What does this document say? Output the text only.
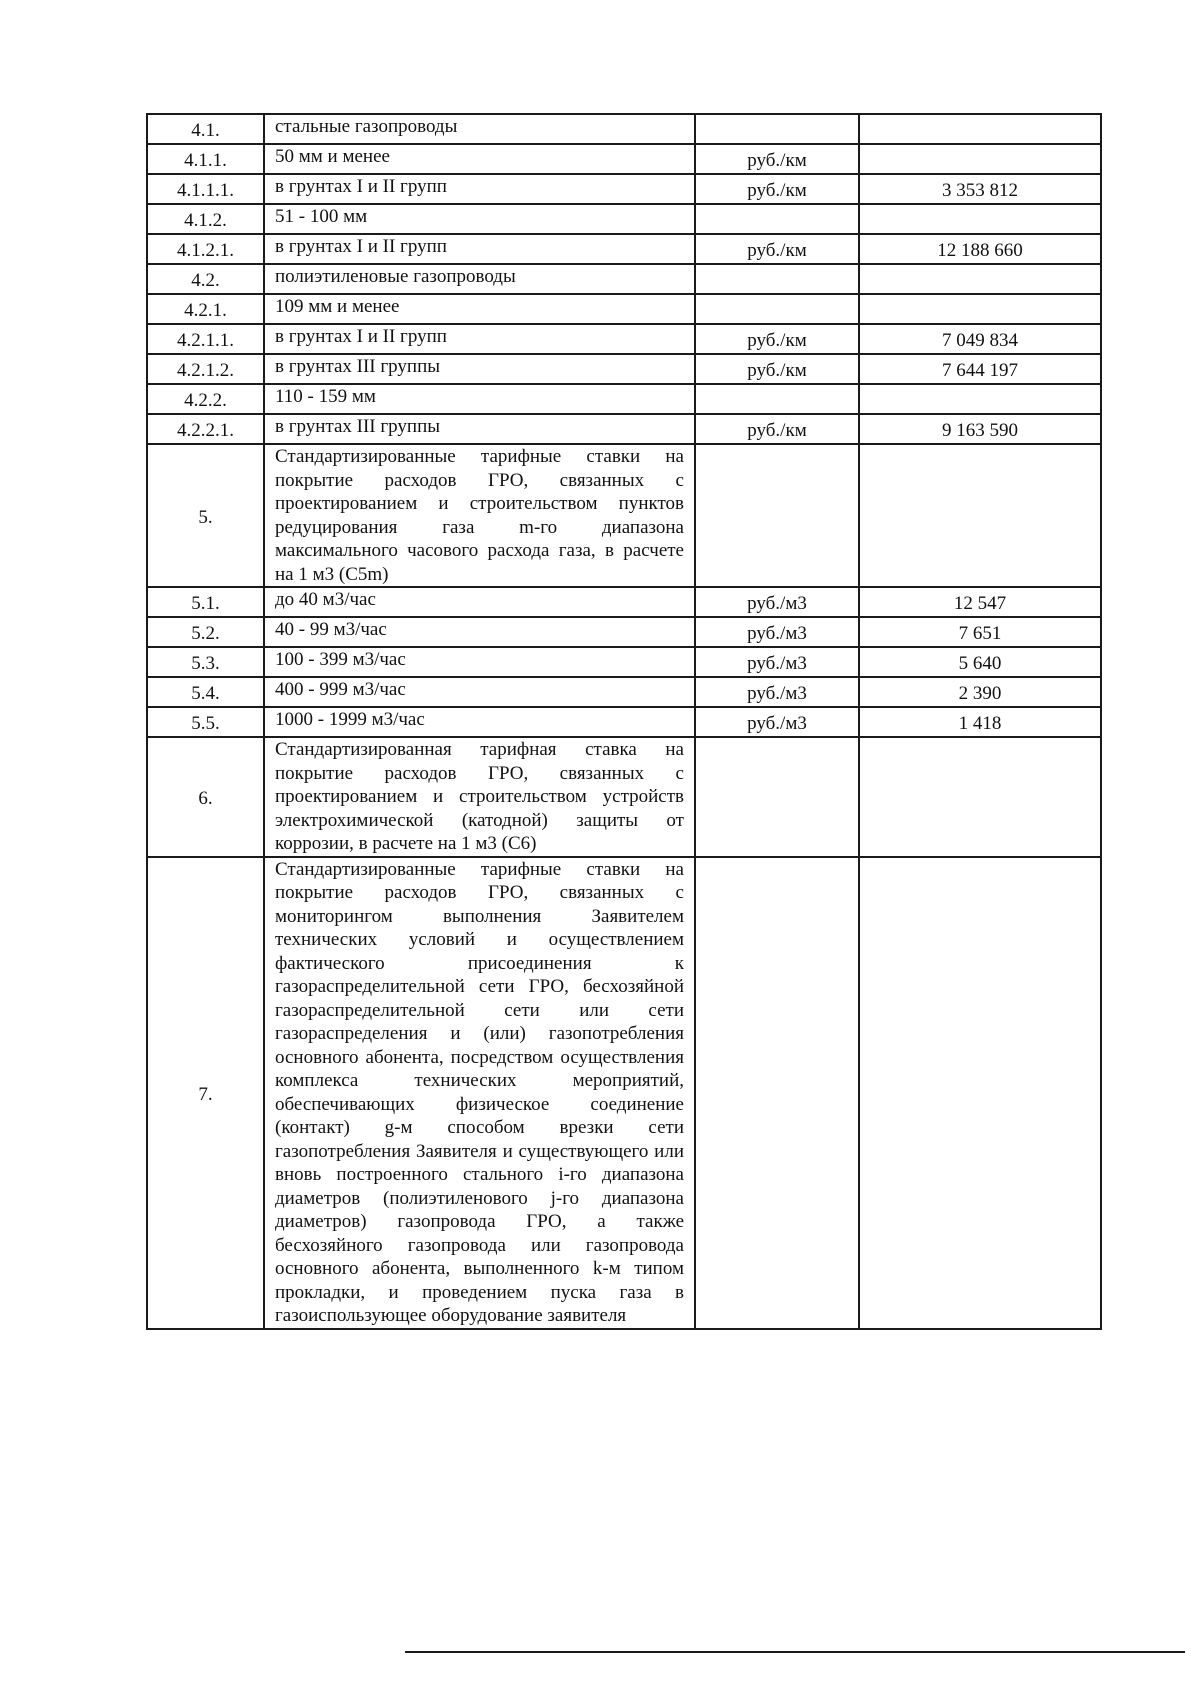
4.1.	стальные газопроводы		
4.1.1.	50 мм и менее	руб./км	
4.1.1.1.	в грунтах I и II групп	руб./км	3 353 812
4.1.2.	51 - 100 мм		
4.1.2.1.	в грунтах I и II групп	руб./км	12 188 660
4.2.	полиэтиленовые газопроводы		
4.2.1.	109 мм и менее		
4.2.1.1.	в грунтах I и II групп	руб./км	7 049 834
4.2.1.2.	в грунтах III группы	руб./км	7 644 197
4.2.2.	110 - 159 мм		
4.2.2.1.	в грунтах III группы	руб./км	9 163 590
5.	Стандартизированные тарифные ставки на покрытие расходов ГРО, связанных с проектированием и строительством пунктов редуцирования газа m-го диапазона максимального часового расхода газа, в расчете на 1 м3 (С5m)		
5.1.	до 40 м3/час	руб./м3	12 547
5.2.	40 - 99 м3/час	руб./м3	7 651
5.3.	100 - 399 м3/час	руб./м3	5 640
5.4.	400 - 999 м3/час	руб./м3	2 390
5.5.	1000 - 1999 м3/час	руб./м3	1 418
6.	Стандартизированная тарифная ставка на покрытие расходов ГРО, связанных с проектированием и строительством устройств электрохимической (катодной) защиты от коррозии, в расчете на 1 м3 (С6)		
7.	Стандартизированные тарифные ставки на покрытие расходов ГРО, связанных с мониторингом выполнения Заявителем технических условий и осуществлением фактического присоединения к газораспределительной сети ГРО, бесхозяйной газораспределительной сети или сети газораспределения и (или) газопотребления основного абонента, посредством осуществления комплекса технических мероприятий, обеспечивающих физическое соединение (контакт) g-м способом врезки сети газопотребления Заявителя и существующего или вновь построенного стального i-го диапазона диаметров (полиэтиленового j-го диапазона диаметров) газопровода ГРО, а также бесхозяйного газопровода или газопровода основного абонента, выполненного k-м типом прокладки, и проведением пуска газа в газоиспользующее оборудование заявителя		
